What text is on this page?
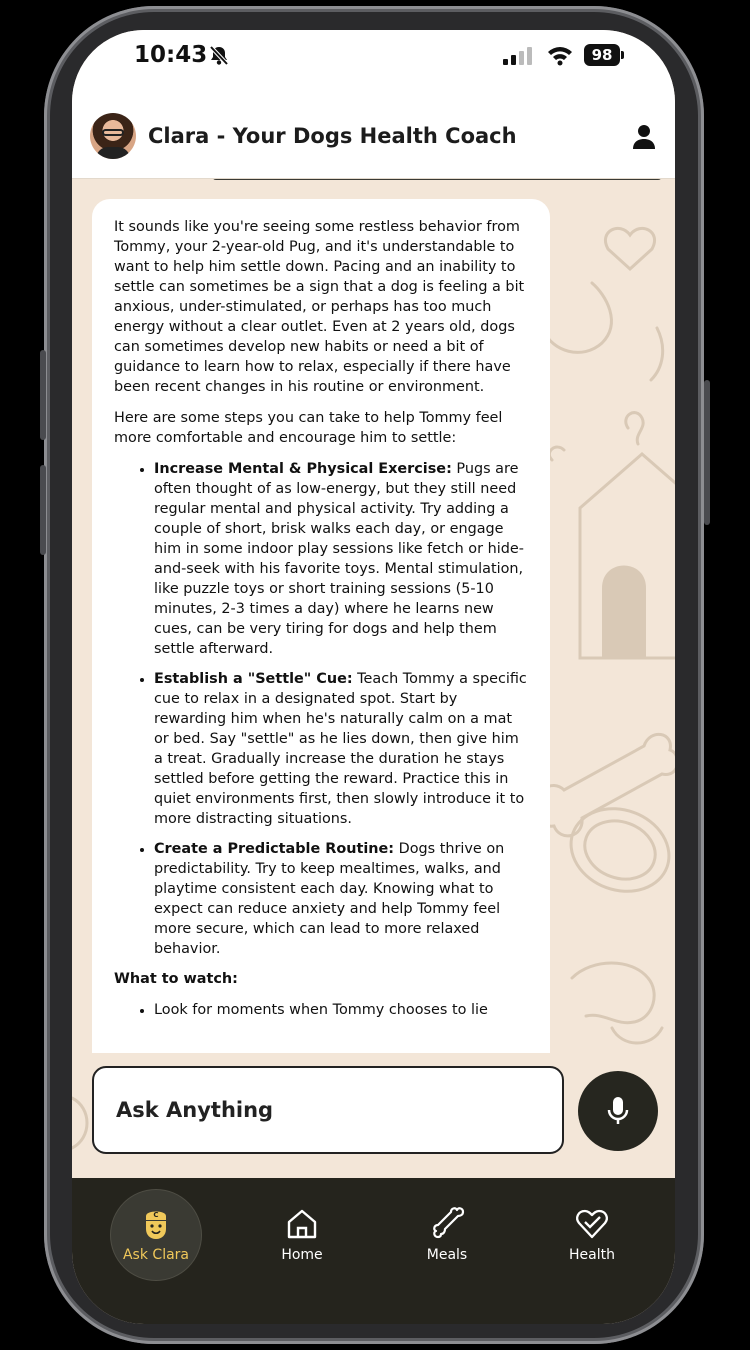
10:43	98
Clara - Your Dogs Health Coach

It sounds like you're seeing some restless behavior from Tommy, your 2-year-old Pug, and it's understandable to want to help him settle down. Pacing and an inability to settle can sometimes be a sign that a dog is feeling a bit anxious, under-stimulated, or perhaps has too much energy without a clear outlet. Even at 2 years old, dogs can sometimes develop new habits or need a bit of guidance to learn how to relax, especially if there have been recent changes in his routine or environment.

Here are some steps you can take to help Tommy feel more comfortable and encourage him to settle:

• Increase Mental & Physical Exercise: Pugs are often thought of as low-energy, but they still need regular mental and physical activity. Try adding a couple of short, brisk walks each day, or engage him in some indoor play sessions like fetch or hide-and-seek with his favorite toys. Mental stimulation, like puzzle toys or short training sessions (5-10 minutes, 2-3 times a day) where he learns new cues, can be very tiring for dogs and help them settle afterward.
• Establish a "Settle" Cue: Teach Tommy a specific cue to relax in a designated spot. Start by rewarding him when he's naturally calm on a mat or bed. Say "settle" as he lies down, then give him a treat. Gradually increase the duration he stays settled before getting the reward. Practice this in quiet environments first, then slowly introduce it to more distracting situations.
• Create a Predictable Routine: Dogs thrive on predictability. Try to keep mealtimes, walks, and playtime consistent each day. Knowing what to expect can reduce anxiety and help Tommy feel more secure, which can lead to more relaxed behavior.

What to watch:

• Look for moments when Tommy chooses to lie
Ask Anything
C
Ask Clara	Home	Meals	Health
